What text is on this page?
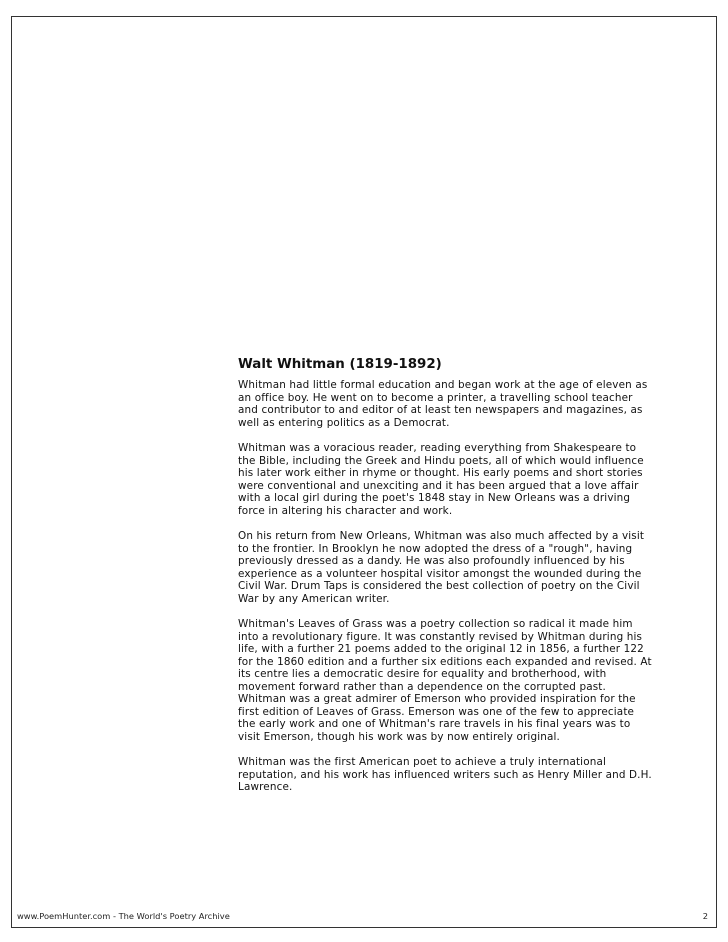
Walt Whitman (1819-1892)

Whitman had little formal education and began work at the age of eleven as
an office boy. He went on to become a printer, a travelling school teacher
and contributor to and editor of at least ten newspapers and magazines, as
well as entering politics as a Democrat.

Whitman was a voracious reader, reading everything from Shakespeare to
the Bible, including the Greek and Hindu poets, all of which would influence
his later work either in rhyme or thought. His early poems and short stories
were conventional and unexciting and it has been argued that a love affair
with a local girl during the poet's 1848 stay in New Orleans was a driving
force in altering his character and work.

On his return from New Orleans, Whitman was also much affected by a visit
to the frontier. In Brooklyn he now adopted the dress of a "rough", having
previously dressed as a dandy. He was also profoundly influenced by his
experience as a volunteer hospital visitor amongst the wounded during the
Civil War. Drum Taps is considered the best collection of poetry on the Civil
War by any American writer.

Whitman's Leaves of Grass was a poetry collection so radical it made him
into a revolutionary figure. It was constantly revised by Whitman during his
life, with a further 21 poems added to the original 12 in 1856, a further 122
for the 1860 edition and a further six editions each expanded and revised. At
its centre lies a democratic desire for equality and brotherhood, with
movement forward rather than a dependence on the corrupted past.
Whitman was a great admirer of Emerson who provided inspiration for the
first edition of Leaves of Grass. Emerson was one of the few to appreciate
the early work and one of Whitman's rare travels in his final years was to
visit Emerson, though his work was by now entirely original.

Whitman was the first American poet to achieve a truly international
reputation, and his work has influenced writers such as Henry Miller and D.H.
Lawrence.

www.PoemHunter.com - The World's Poetry Archive	2
